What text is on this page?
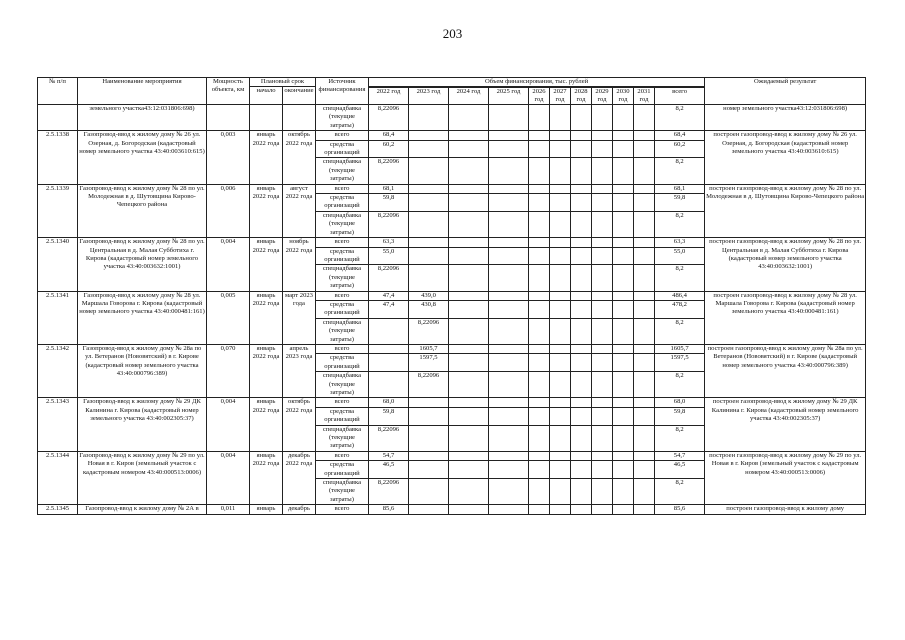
203
№ п/п	Наименование мероприятия	Мощность объекта, км	Плановый срок		Источник финансирования	Объем финансирования, тыс. рублей											Ожидаемый результат
			начало	окончание													
						2022 год	2023 год	2024 год	2025 год	2026 год	2027 год	2028 год	2029 год	2030 год	2031 год	всего	
	земельного участка43:12:031806:698)				спецнадбавка (текущие затраты)	8,22096										8,2	номер земельного участка43:12:031806:698)
2.5.1338	Газопровод-ввод к жилому дому № 26 ул. Озерная, д. Богородская (кадастровый номер земельного участка 43:40:003610:615)	0,003	январь 2022 года	октябрь 2022 года	всего	68,4										68,4	построен газопровод-ввод к жилому дому № 26 ул. Озерная, д. Богородская (кадастровый номер земельного участка 43:40:003610:615)
					средства организаций	60,2										60,2	
					спецнадбавка (текущие затраты)	8,22096										8,2	
2.5.1339	Газопровод-ввод к жилому дому № 28 по ул. Молодежная в д. Шутовщина Кирово-Чепецкого района	0,006	январь 2022 года	август 2022 года	всего	68,1										68,1	построен газопровод-ввод к жилому дому № 28 по ул. Молодежная в д. Шутовщина Кирово-Чепецкого района
					средства организаций	59,8										59,8	
					спецнадбавка (текущие затраты)	8,22096										8,2	
2.5.1340	Газопровод-ввод к жилому дому № 28 по ул. Центральная в д. Малая Субботиха г. Кирова (кадастровый номер земельного участка 43:40:003632:1001)	0,004	январь 2022 года	ноябрь 2022 года	всего	63,3										63,3	построен газопровод-ввод к жилому дому № 28 по ул. Центральная в д. Малая Субботиха г. Кирова (кадастровый номер земельного участка 43:40:003632:1001)
					средства организаций	55,0										55,0	
					спецнадбавка (текущие затраты)	8,22096										8,2	
2.5.1341	Газопровод-ввод к жилому дому № 28 ул. Маршала Говорова г. Кирова (кадастровый номер земельного участка 43:40:000481:161)	0,005	январь 2022 года	март 2023 года	всего	47,4	439,0									486,4	построен газопровод-ввод к жилому дому № 28 ул. Маршала Говорова г. Кирова (кадастровый номер земельного участка 43:40:000481:161)
					средства организаций	47,4	430,8									478,2	
					спецнадбавка (текущие затраты)		8,22096									8,2	
2.5.1342	Газопровод-ввод к жилому дому № 28а по ул. Ветеранов (Нововятский) в г. Кирове (кадастровый номер земельного участка 43:40:000796:389)	0,070	январь 2022 года	апрель 2023 года	всего		1605,7									1605,7	построен газопровод-ввод к жилому дому № 28а по ул. Ветеранов (Нововятский) в г. Кирове (кадастровый номер земельного участка 43:40:000796:389)
					средства организаций		1597,5									1597,5	
					спецнадбавка (текущие затраты)		8,22096									8,2	
2.5.1343	Газопровод-ввод к жилому дому № 29 ДК Калинина г. Кирова (кадастровый номер земельного участка 43:40:002305:37)	0,004	январь 2022 года	октябрь 2022 года	всего	68,0										68,0	построен газопровод-ввод к жилому дому № 29 ДК Калинина г. Кирова (кадастровый номер земельного участка 43:40:002305:37)
					средства организаций	59,8										59,8	
					спецнадбавка (текущие затраты)	8,22096										8,2	
2.5.1344	Газопровод-ввод к жилому дому № 29 по ул. Новая в г. Киров (земельный участок с кадастровым номером 43:40:000513:0006)	0,004	январь 2022 года	декабрь 2022 года	всего	54,7										54,7	построен газопровод-ввод к жилому дому № 29 по ул. Новая в г. Киров (земельный участок с кадастровым номером 43:40:000513:0006)
					средства организаций	46,5										46,5	
					спецнадбавка (текущие затраты)	8,22096										8,2	
2.5.1345	Газопровод-ввод к жилому дому № 2А в	0,011	январь	декабрь	всего	85,6										85,6	построен газопровод-ввод к жилому дому
